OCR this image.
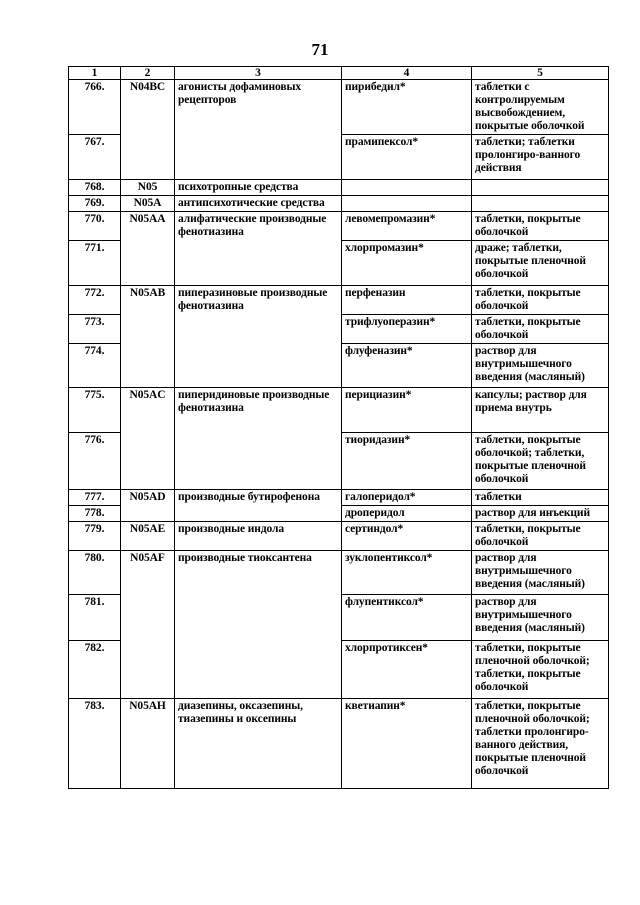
71
1	2	3	4	5
766.	N04BC	агонисты дофаминовых рецепторов	пирибедил*	таблетки с контролируемым высвобождением, покрытые оболочкой
767.			прамипексол*	таблетки; таблетки пролонгиро-ванного действия
768.	N05	психотропные средства		
769.	N05A	антипсихотические средства		
770.	N05AA	алифатические производные фенотиазина	левомепромазин*	таблетки, покрытые оболочкой
771.			хлорпромазин*	драже; таблетки, покрытые пленочной оболочкой
772.	N05AB	пиперазиновые производные фенотиазина	перфеназин	таблетки, покрытые оболочкой
773.			трифлуоперазин*	таблетки, покрытые оболочкой
774.			флуфеназин*	раствор для внутримышечного введения (масляный)
775.	N05AC	пиперидиновые производные фенотиазина	перициазин*	капсулы; раствор для приема внутрь
776.			тиоридазин*	таблетки, покрытые оболочкой; таблетки, покрытые пленочной оболочкой
777.	N05AD	производные бутирофенона	галоперидол*	таблетки
778.			дроперидол	раствор для инъекций
779.	N05AE	производные индола	сертиндол*	таблетки, покрытые оболочкой
780.	N05AF	производные тиоксантена	зуклопентиксол*	раствор для внутримышечного введения (масляный)
781.			флупентиксол*	раствор для внутримышечного введения (масляный)
782.			хлорпротиксен*	таблетки, покрытые пленочной оболочкой; таблетки, покрытые оболочкой
783.	N05AH	диазепины, оксазепины, тиазепины и оксепины	кветиапин*	таблетки, покрытые пленочной оболочкой; таблетки пролонгиро-ванного действия, покрытые пленочной оболочкой
